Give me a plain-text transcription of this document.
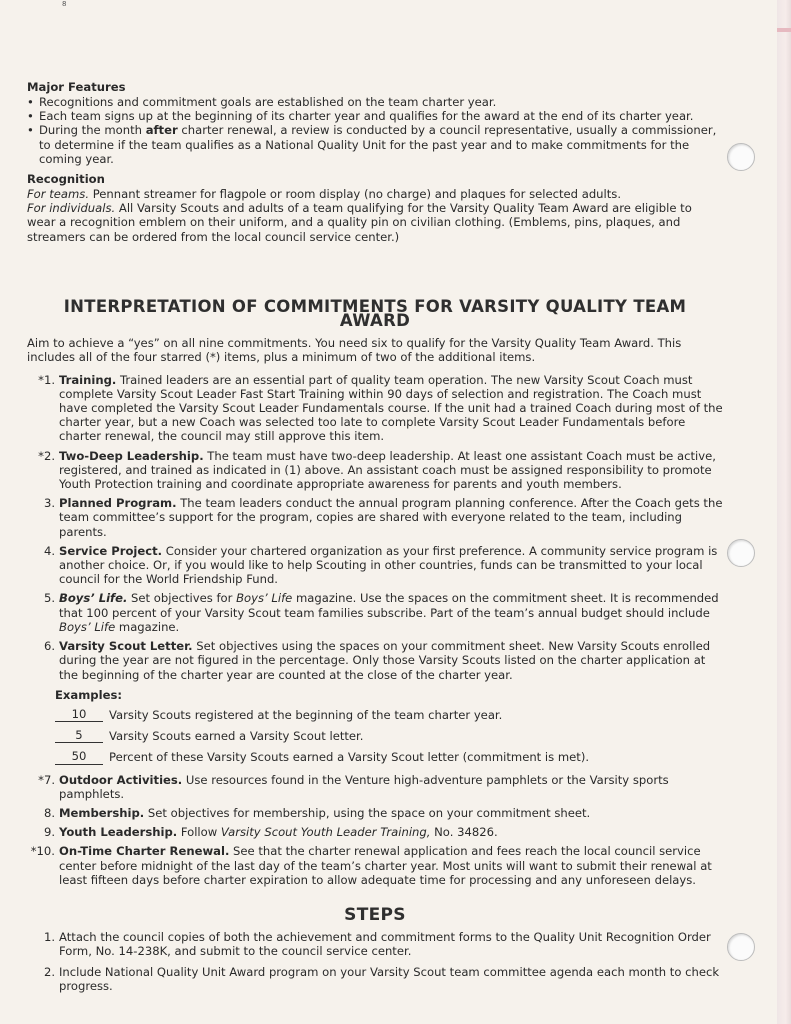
8
Major Features
• Recognitions and commitment goals are established on the team charter year.
• Each team signs up at the beginning of its charter year and qualifies for the award at the end of its charter year.
• During the month after charter renewal, a review is conducted by a council representative, usually a commissioner, to determine if the team qualifies as a National Quality Unit for the past year and to make commitments for the coming year.
Recognition

For teams. Pennant streamer for flagpole or room display (no charge) and plaques for selected adults.

For individuals. All Varsity Scouts and adults of a team qualifying for the Varsity Quality Team Award are eligible to wear a recognition emblem on their uniform, and a quality pin on civilian clothing. (Emblems, pins, plaques, and streamers can be ordered from the local council service center.)

INTERPRETATION OF COMMITMENTS FOR VARSITY QUALITY TEAM AWARD

Aim to achieve a “yes” on all nine commitments. You need six to qualify for the Varsity Quality Team Award. This includes all of the four starred (*) items, plus a minimum of two of the additional items.

*1. Training. Trained leaders are an essential part of quality team operation. The new Varsity Scout Coach must complete Varsity Scout Leader Fast Start Training within 90 days of selection and registration. The Coach must have completed the Varsity Scout Leader Fundamentals course. If the unit had a trained Coach during most of the charter year, but a new Coach was selected too late to complete Varsity Scout Leader Fundamentals before charter renewal, the council may still approve this item.
*2. Two-Deep Leadership. The team must have two-deep leadership. At least one assistant Coach must be active, registered, and trained as indicated in (1) above. An assistant coach must be assigned responsibility to promote Youth Protection training and coordinate appropriate awareness for parents and youth members.
3. Planned Program. The team leaders conduct the annual program planning conference. After the Coach gets the team committee’s support for the program, copies are shared with everyone related to the team, including parents.
4. Service Project. Consider your chartered organization as your first preference. A community service program is another choice. Or, if you would like to help Scouting in other countries, funds can be transmitted to your local council for the World Friendship Fund.
5. Boys’ Life. Set objectives for Boys’ Life magazine. Use the spaces on the commitment sheet. It is recommended that 100 percent of your Varsity Scout team families subscribe. Part of the team’s annual budget should include Boys’ Life magazine.
6. Varsity Scout Letter. Set objectives using the spaces on your commitment sheet. New Varsity Scouts enrolled during the year are not figured in the percentage. Only those Varsity Scouts listed on the charter application at the beginning of the charter year are counted at the close of the charter year.
Examples:
10	Varsity Scouts registered at the beginning of the team charter year.
5	Varsity Scouts earned a Varsity Scout letter.
50	Percent of these Varsity Scouts earned a Varsity Scout letter (commitment is met).
*7. Outdoor Activities. Use resources found in the Venture high-adventure pamphlets or the Varsity sports pamphlets.
8. Membership. Set objectives for membership, using the space on your commitment sheet.
9. Youth Leadership. Follow Varsity Scout Youth Leader Training, No. 34826.
*10. On-Time Charter Renewal. See that the charter renewal application and fees reach the local council service center before midnight of the last day of the team’s charter year. Most units will want to submit their renewal at least fifteen days before charter expiration to allow adequate time for processing and any unforeseen delays.
STEPS
1. Attach the council copies of both the achievement and commitment forms to the Quality Unit Recognition Order Form, No. 14-238K, and submit to the council service center.
2. Include National Quality Unit Award program on your Varsity Scout team committee agenda each month to check progress.
